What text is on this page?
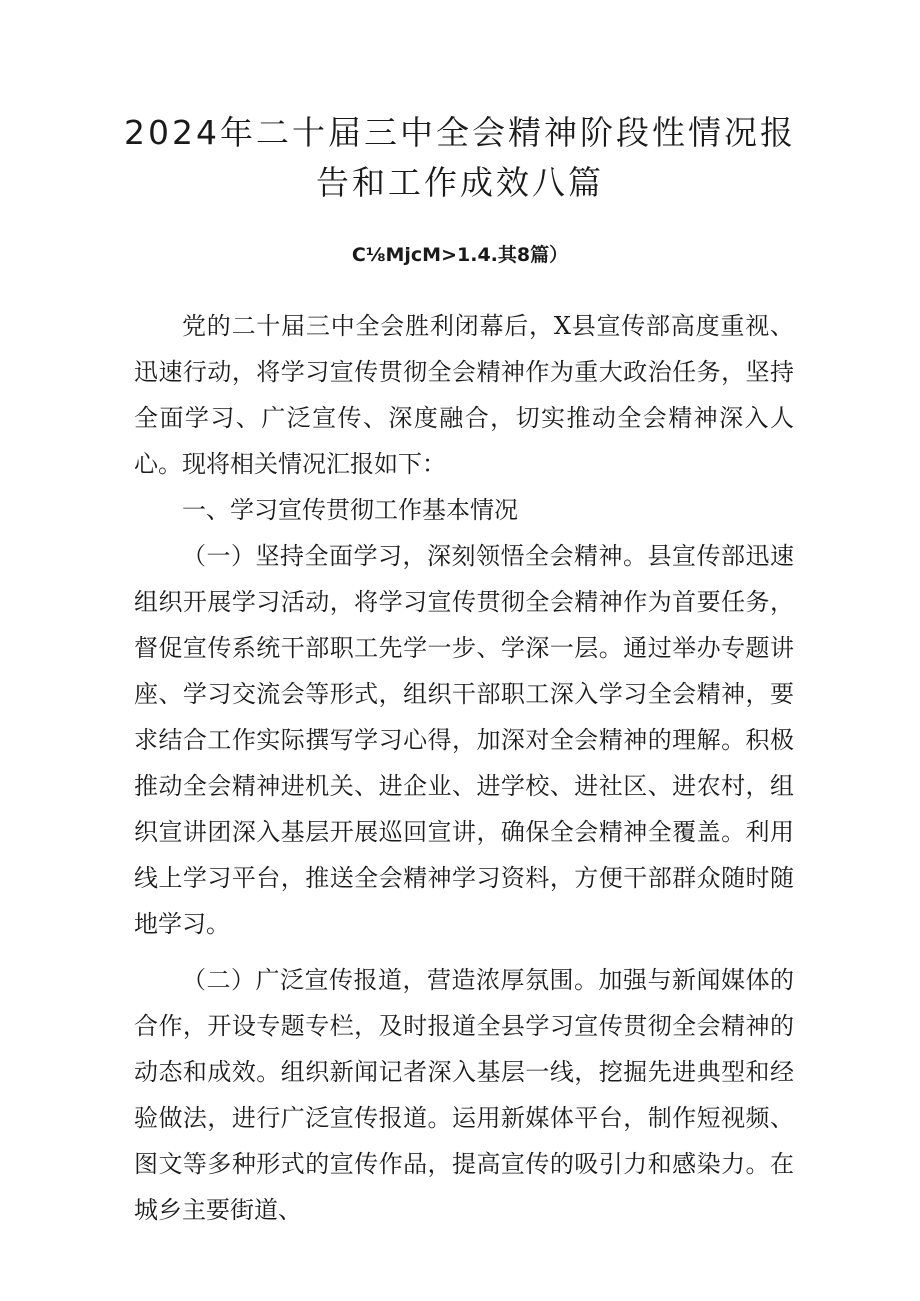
2024年二十届三中全会精神阶段性情况报告和工作成效八篇
C⅛MjcM>1.4.其8篇）

党的二十届三中全会胜利闭幕后，X县宣传部高度重视、迅速行动，将学习宣传贯彻全会精神作为重大政治任务，坚持全面学习、广泛宣传、深度融合，切实推动全会精神深入人心。现将相关情况汇报如下：

一、学习宣传贯彻工作基本情况

（一）坚持全面学习，深刻领悟全会精神。县宣传部迅速组织开展学习活动，将学习宣传贯彻全会精神作为首要任务，督促宣传系统干部职工先学一步、学深一层。通过举办专题讲座、学习交流会等形式，组织干部职工深入学习全会精神，要求结合工作实际撰写学习心得，加深对全会精神的理解。积极推动全会精神进机关、进企业、进学校、进社区、进农村，组织宣讲团深入基层开展巡回宣讲，确保全会精神全覆盖。利用线上学习平台，推送全会精神学习资料，方便干部群众随时随地学习。

（二）广泛宣传报道，营造浓厚氛围。加强与新闻媒体的合作，开设专题专栏，及时报道全县学习宣传贯彻全会精神的动态和成效。组织新闻记者深入基层一线，挖掘先进典型和经验做法，进行广泛宣传报道。运用新媒体平台，制作短视频、图文等多种形式的宣传作品，提高宣传的吸引力和感染力。在城乡主要街道、
